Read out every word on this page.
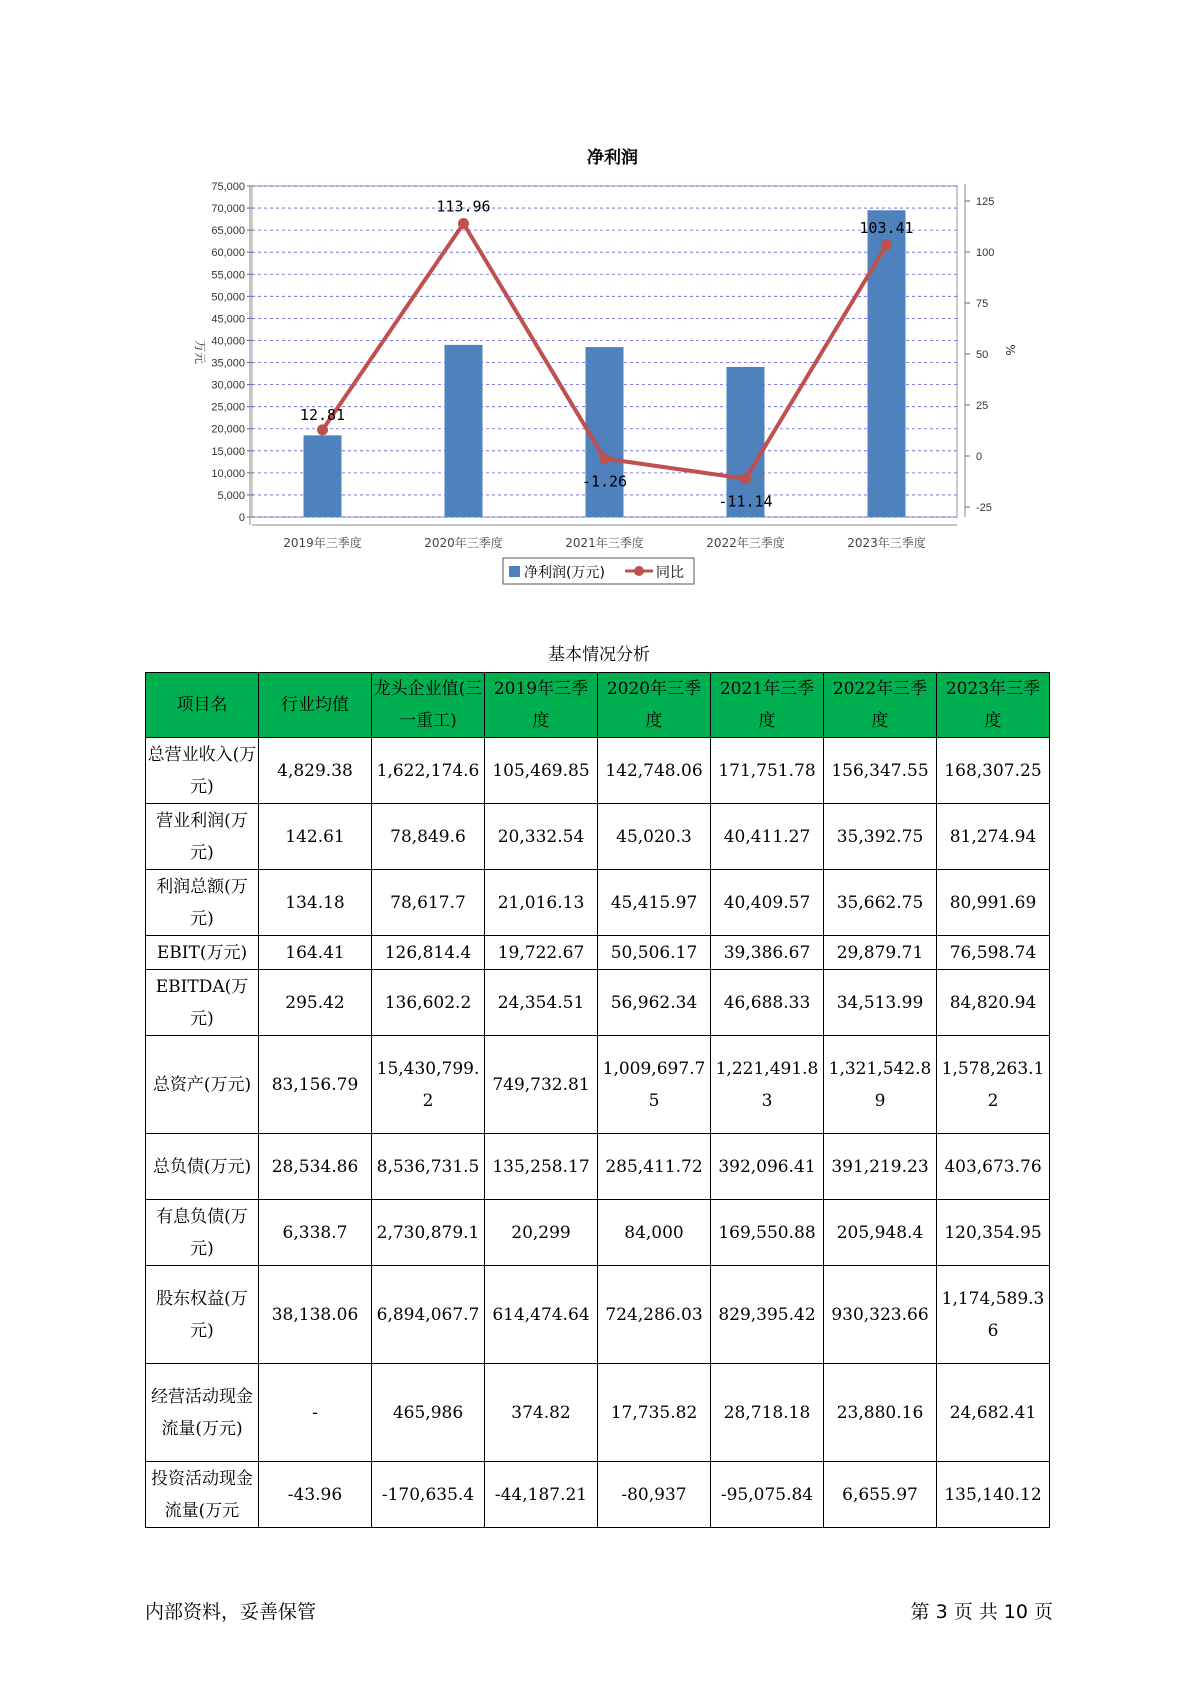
净利润
0
5,000
10,000
15,000
20,000
25,000
30,000
35,000
40,000
45,000
50,000
55,000
60,000
65,000
70,000
75,000
-25
0
25
50
75
100
125
万元	%
2019年三季度	2020年三季度	2021年三季度	2022年三季度	2023年三季度
12.81
113.96
-1.26
-11.14
103.41
净利润(万元)	同比
基本情况分析
项目名	行业均值	龙头企业值(三一重工)	2019年三季度	2020年三季度	2021年三季度	2022年三季度	2023年三季度
总营业收入(万元)	4,829.38	1,622,174.6	105,469.85	142,748.06	171,751.78	156,347.55	168,307.25
营业利润(万元)	142.61	78,849.6	20,332.54	45,020.3	40,411.27	35,392.75	81,274.94
利润总额(万元)	134.18	78,617.7	21,016.13	45,415.97	40,409.57	35,662.75	80,991.69
EBIT(万元)	164.41	126,814.4	19,722.67	50,506.17	39,386.67	29,879.71	76,598.74
EBITDA(万元)	295.42	136,602.2	24,354.51	56,962.34	46,688.33	34,513.99	84,820.94
总资产(万元)	83,156.79	15,430,799.2	749,732.81	1,009,697.75	1,221,491.83	1,321,542.89	1,578,263.12
总负债(万元)	28,534.86	8,536,731.5	135,258.17	285,411.72	392,096.41	391,219.23	403,673.76
有息负债(万元)	6,338.7	2,730,879.1	20,299	84,000	169,550.88	205,948.4	120,354.95
股东权益(万元)	38,138.06	6,894,067.7	614,474.64	724,286.03	829,395.42	930,323.66	1,174,589.36
经营活动现金流量(万元)	-	465,986	374.82	17,735.82	28,718.18	23,880.16	24,682.41
投资活动现金流量(万元	-43.96	-170,635.4	-44,187.21	-80,937	-95,075.84	6,655.97	135,140.12
内部资料，妥善保管	第 3 页 共 10 页
